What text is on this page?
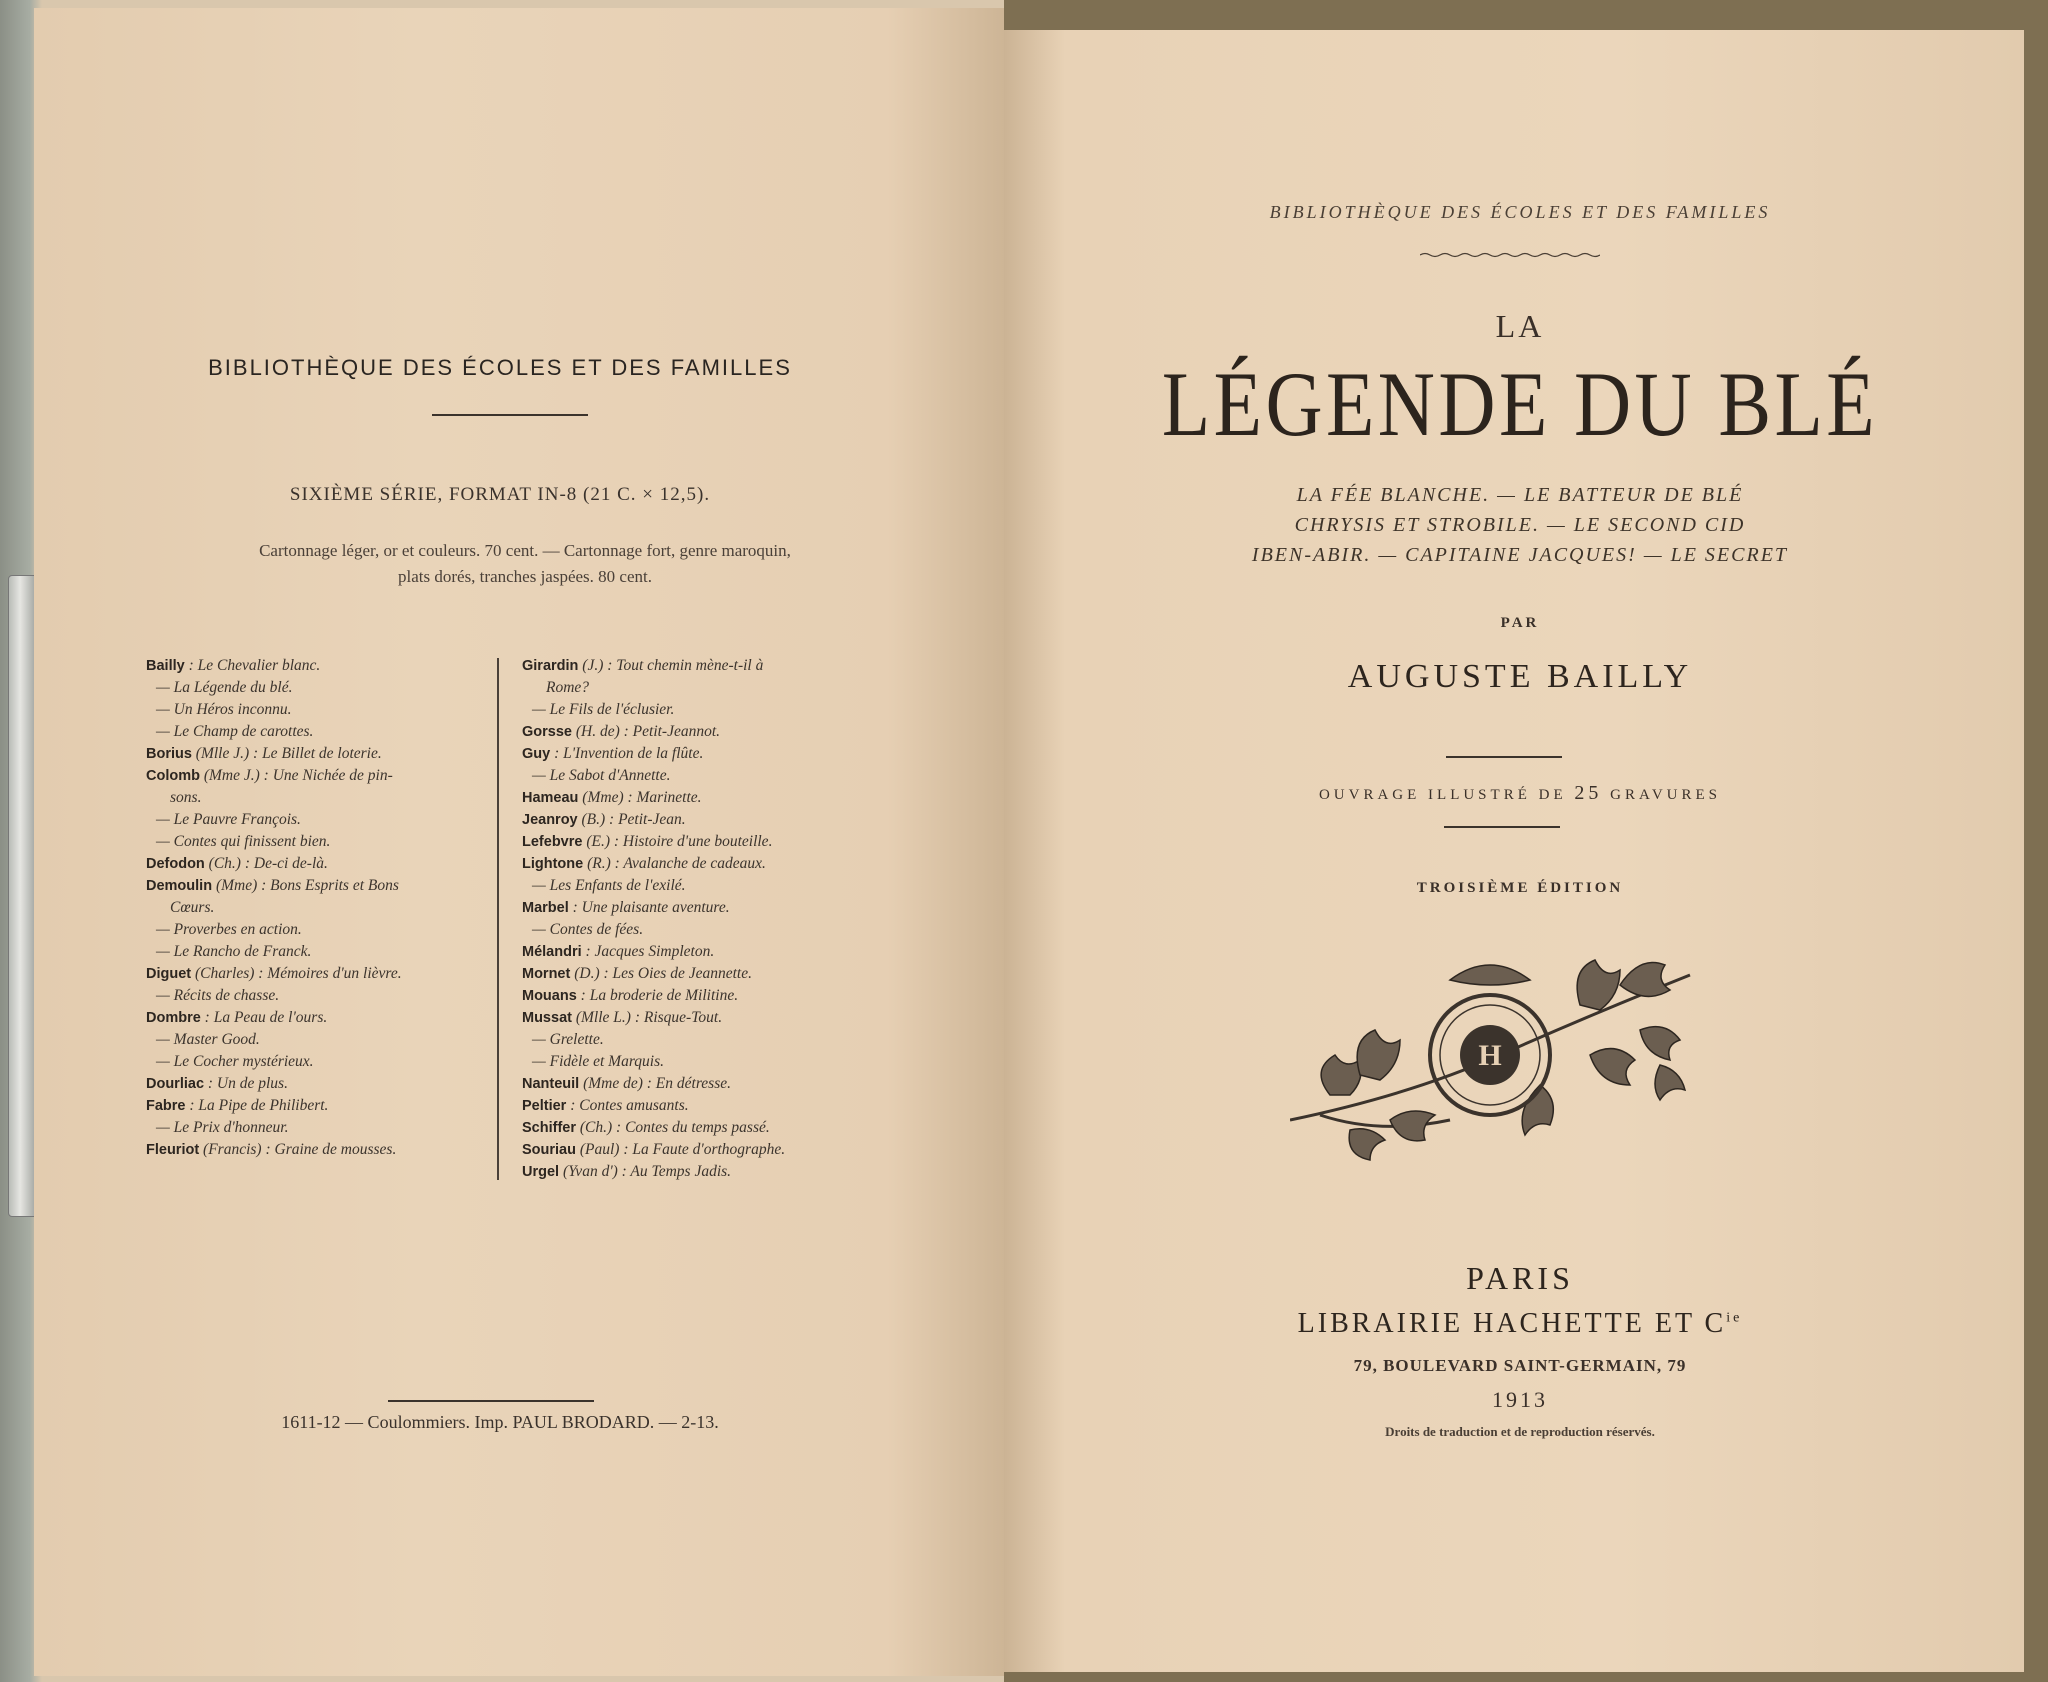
BIBLIOTHÈQUE DES ÉCOLES ET DES FAMILLES
SIXIÈME SÉRIE, FORMAT IN-8 (21 C. × 12,5).
Cartonnage léger, or et couleurs. 70 cent. — Cartonnage fort, genre maroquin,
plats dorés, tranches jaspées. 80 cent.
Bailly : Le Chevalier blanc.
— La Légende du blé.
— Un Héros inconnu.
— Le Champ de carottes.
Borius (Mlle J.) : Le Billet de loterie.
Colomb (Mme J.) : Une Nichée de pin-
sons.
— Le Pauvre François.
— Contes qui finissent bien.
Defodon (Ch.) : De-ci de-là.
Demoulin (Mme) : Bons Esprits et Bons
Cœurs.
— Proverbes en action.
— Le Rancho de Franck.
Diguet (Charles) : Mémoires d'un lièvre.
— Récits de chasse.
Dombre : La Peau de l'ours.
— Master Good.
— Le Cocher mystérieux.
Dourliac : Un de plus.
Fabre : La Pipe de Philibert.
— Le Prix d'honneur.
Fleuriot (Francis) : Graine de mousses.
Girardin (J.) : Tout chemin mène-t-il à
Rome?
— Le Fils de l'éclusier.
Gorsse (H. de) : Petit-Jeannot.
Guy : L'Invention de la flûte.
— Le Sabot d'Annette.
Hameau (Mme) : Marinette.
Jeanroy (B.) : Petit-Jean.
Lefebvre (E.) : Histoire d'une bouteille.
Lightone (R.) : Avalanche de cadeaux.
— Les Enfants de l'exilé.
Marbel : Une plaisante aventure.
— Contes de fées.
Mélandri : Jacques Simpleton.
Mornet (D.) : Les Oies de Jeannette.
Mouans : La broderie de Militine.
Mussat (Mlle L.) : Risque-Tout.
— Grelette.
— Fidèle et Marquis.
Nanteuil (Mme de) : En détresse.
Peltier : Contes amusants.
Schiffer (Ch.) : Contes du temps passé.
Souriau (Paul) : La Faute d'orthographe.
Urgel (Yvan d') : Au Temps Jadis.
1611-12 — Coulommiers. Imp. PAUL BRODARD. — 2-13.
BIBLIOTHÈQUE DES ÉCOLES ET DES FAMILLES
LA
LÉGENDE DU BLÉ
LA FÉE BLANCHE. — LE BATTEUR DE BLÉ
CHRYSIS ET STROBILE. — LE SECOND CID
IBEN-ABIR. — CAPITAINE JACQUES! — LE SECRET
PAR
AUGUSTE BAILLY
OUVRAGE ILLUSTRÉ DE 25 GRAVURES
TROISIÈME ÉDITION
H
PARIS
LIBRAIRIE HACHETTE ET $C^{ie}$
79, BOULEVARD SAINT-GERMAIN, 79
1913
Droits de traduction et de reproduction réservés.
